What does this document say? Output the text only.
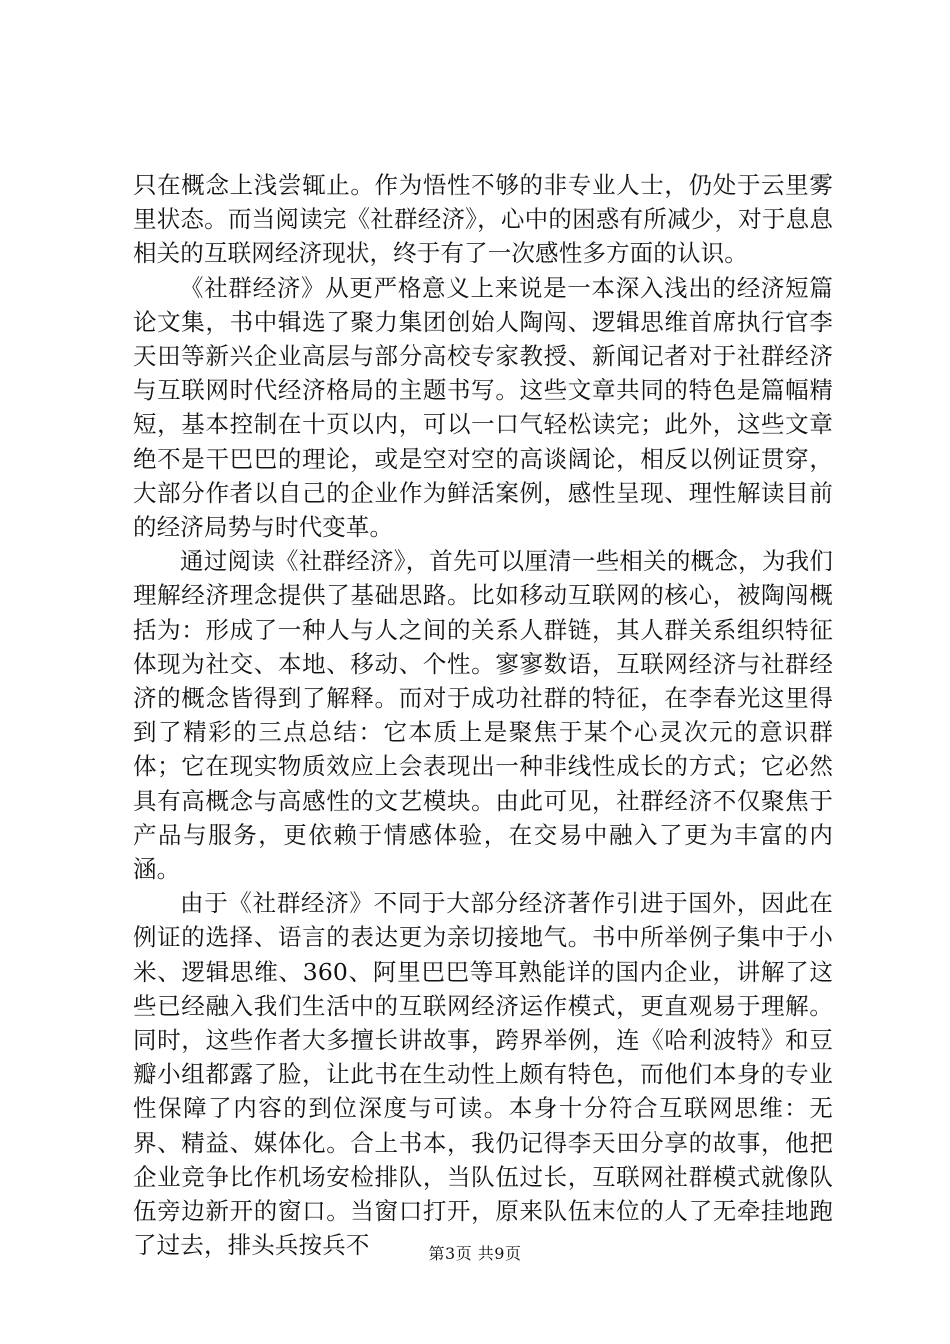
只在概念上浅尝辄止。作为悟性不够的非专业人士，仍处于云里雾里状态。而当阅读完《社群经济》，心中的困惑有所减少，对于息息相关的互联网经济现状，终于有了一次感性多方面的认识。

《社群经济》从更严格意义上来说是一本深入浅出的经济短篇论文集，书中辑选了聚力集团创始人陶闯、逻辑思维首席执行官李天田等新兴企业高层与部分高校专家教授、新闻记者对于社群经济与互联网时代经济格局的主题书写。这些文章共同的特色是篇幅精短，基本控制在十页以内，可以一口气轻松读完；此外，这些文章绝不是干巴巴的理论，或是空对空的高谈阔论，相反以例证贯穿，大部分作者以自己的企业作为鲜活案例，感性呈现、理性解读目前的经济局势与时代变革。

通过阅读《社群经济》，首先可以厘清一些相关的概念，为我们理解经济理念提供了基础思路。比如移动互联网的核心，被陶闯概括为：形成了一种人与人之间的关系人群链，其人群关系组织特征体现为社交、本地、移动、个性。寥寥数语，互联网经济与社群经济的概念皆得到了解释。而对于成功社群的特征，在李春光这里得到了精彩的三点总结：它本质上是聚焦于某个心灵次元的意识群体；它在现实物质效应上会表现出一种非线性成长的方式；它必然具有高概念与高感性的文艺模块。由此可见，社群经济不仅聚焦于产品与服务，更依赖于情感体验，在交易中融入了更为丰富的内涵。

由于《社群经济》不同于大部分经济著作引进于国外，因此在例证的选择、语言的表达更为亲切接地气。书中所举例子集中于小米、逻辑思维、360、阿里巴巴等耳熟能详的国内企业，讲解了这些已经融入我们生活中的互联网经济运作模式，更直观易于理解。同时，这些作者大多擅长讲故事，跨界举例，连《哈利波特》和豆瓣小组都露了脸，让此书在生动性上颇有特色，而他们本身的专业性保障了内容的到位深度与可读。本身十分符合互联网思维：无界、精益、媒体化。合上书本，我仍记得李天田分享的故事，他把企业竞争比作机场安检排队，当队伍过长，互联网社群模式就像队伍旁边新开的窗口。当窗口打开，原来队伍末位的人了无牵挂地跑了过去，排头兵按兵不	第3页 共9页
